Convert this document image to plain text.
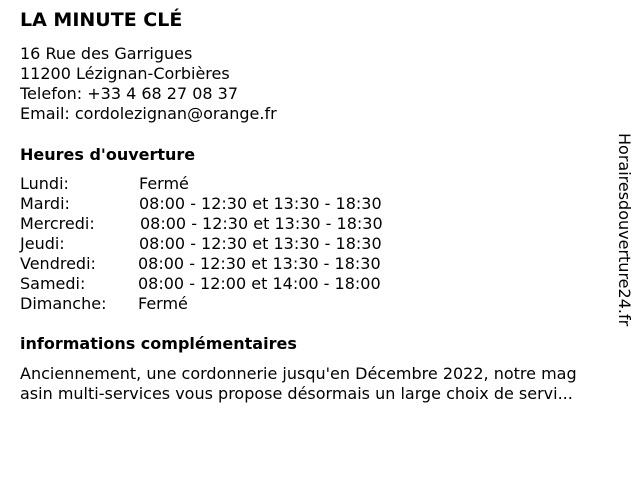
LA MINUTE CLÉ
16 Rue des Garrigues
11200 Lézignan-Corbières
Telefon: +33 4 68 27 08 37
Email: cordolezignan@orange.fr
Heures d'ouverture
Lundi:	Fermé
Mardi:	08:00 - 12:30 et 13:30 - 18:30
Mercredi:	08:00 - 12:30 et 13:30 - 18:30
Jeudi:	08:00 - 12:30 et 13:30 - 18:30
Vendredi:	08:00 - 12:30 et 13:30 - 18:30
Samedi:	08:00 - 12:00 et 14:00 - 18:00
Dimanche: Fermé
informations complémentaires
Anciennement, une cordonnerie jusqu'en Décembre 2022, notre mag
asin multi-services vous propose désormais un large choix de servi...
Horairesdouverture24.fr
